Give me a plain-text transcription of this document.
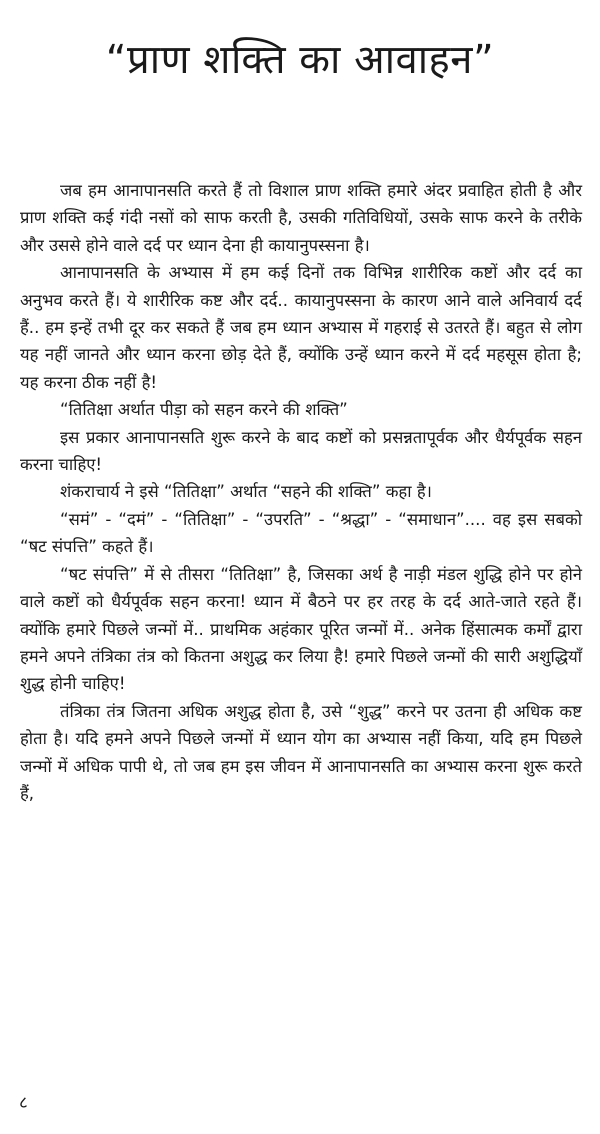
“प्राण शक्ति का आवाहन”

जब हम आनापानसति करते हैं तो विशाल प्राण शक्ति हमारे अंदर प्रवाहित होती है और प्राण शक्ति कई गंदी नसों को साफ करती है, उसकी गतिविधियों, उसके साफ करने के तरीके और उससे होने वाले दर्द पर ध्यान देना ही कायानुपस्सना है।

आनापानसति के अभ्यास में हम कई दिनों तक विभिन्न शारीरिक कष्टों और दर्द का अनुभव करते हैं। ये शारीरिक कष्ट और दर्द.. कायानुपस्सना के कारण आने वाले अनिवार्य दर्द हैं.. हम इन्हें तभी दूर कर सकते हैं जब हम ध्यान अभ्यास में गहराई से उतरते हैं। बहुत से लोग यह नहीं जानते और ध्यान करना छोड़ देते हैं, क्योंकि उन्हें ध्यान करने में दर्द महसूस होता है; यह करना ठीक नहीं है!

“तितिक्षा अर्थात पीड़ा को सहन करने की शक्ति”

इस प्रकार आनापानसति शुरू करने के बाद कष्टों को प्रसन्नतापूर्वक और धैर्यपूर्वक सहन करना चाहिए!

शंकराचार्य ने इसे “तितिक्षा” अर्थात “सहने की शक्ति” कहा है।

“समं” - “दमं” - “तितिक्षा” - “उपरति” - “श्रद्धा” - “समाधान”.... वह इस सबको “षट संपत्ति” कहते हैं।

“षट संपत्ति” में से तीसरा “तितिक्षा” है, जिसका अर्थ है नाड़ी मंडल शुद्धि होने पर होने वाले कष्टों को धैर्यपूर्वक सहन करना! ध्यान में बैठने पर हर तरह के दर्द आते-जाते रहते हैं।क्योंकि हमारे पिछले जन्मों में.. प्राथमिक अहंकार पूरित जन्मों में.. अनेक हिंसात्मक कर्मों द्वारा हमने अपने तंत्रिका तंत्र को कितना अशुद्ध कर लिया है! हमारे पिछले जन्मों की सारी अशुद्धियाँ शुद्ध होनी चाहिए!

तंत्रिका तंत्र जितना अधिक अशुद्ध होता है, उसे “शुद्ध” करने पर उतना ही अधिक कष्ट होता है। यदि हमने अपने पिछले जन्मों में ध्यान योग का अभ्यास नहीं किया, यदि हम पिछले जन्मों में अधिक पापी थे, तो जब हम इस जीवन में आनापानसति का अभ्यास करना शुरू करते हैं,

८
